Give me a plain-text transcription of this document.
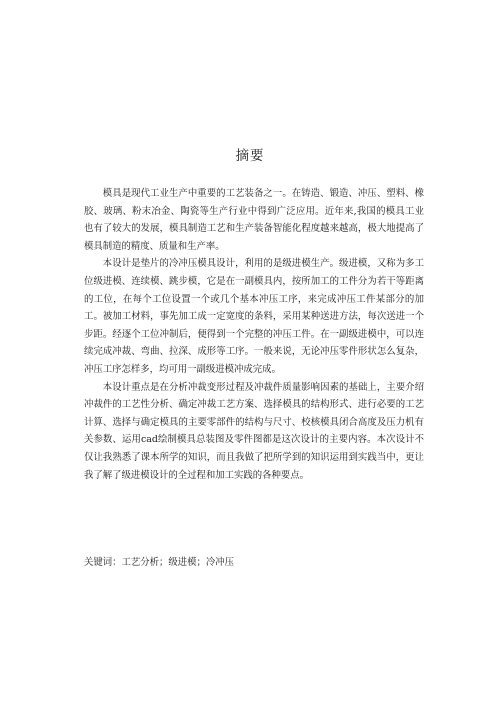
摘要

模具是现代工业生产中重要的工艺装备之一。在铸造、锻造、冲压、塑料、橡胶、玻璃、粉末冶金、陶瓷等生产行业中得到广泛应用。近年来,我国的模具工业也有了较大的发展，模具制造工艺和生产装备智能化程度越来越高，极大地提高了模具制造的精度、质量和生产率。

本设计是垫片的冷冲压模具设计，利用的是级进模生产。级进模，又称为多工位级进模、连续模、跳步模，它是在一副模具内，按所加工的工件分为若干等距离的工位，在每个工位设置一个或几个基本冲压工序，来完成冲压工件某部分的加工。被加工材料，事先加工成一定宽度的条料，采用某种送进方法，每次送进一个步距。经逐个工位冲制后，便得到一个完整的冲压工件。在一副级进模中，可以连续完成冲裁、弯曲、拉深、成形等工序。一般来说，无论冲压零件形状怎么复杂，冲压工序怎样多，均可用一副级进模冲成完成。

本设计重点是在分析冲裁变形过程及冲裁件质量影响因素的基础上，主要介绍冲裁件的工艺性分析、确定冲裁工艺方案、选择模具的结构形式、进行必要的工艺计算、选择与确定模具的主要零部件的结构与尺寸、校核模具闭合高度及压力机有关参数、运用cad绘制模具总装图及零件图都是这次设计的主要内容。本次设计不仅让我熟悉了课本所学的知识，而且我做了把所学到的知识运用到实践当中，更让我了解了级进模设计的全过程和加工实践的各种要点。

关键词：工艺分析；级进模；冷冲压
